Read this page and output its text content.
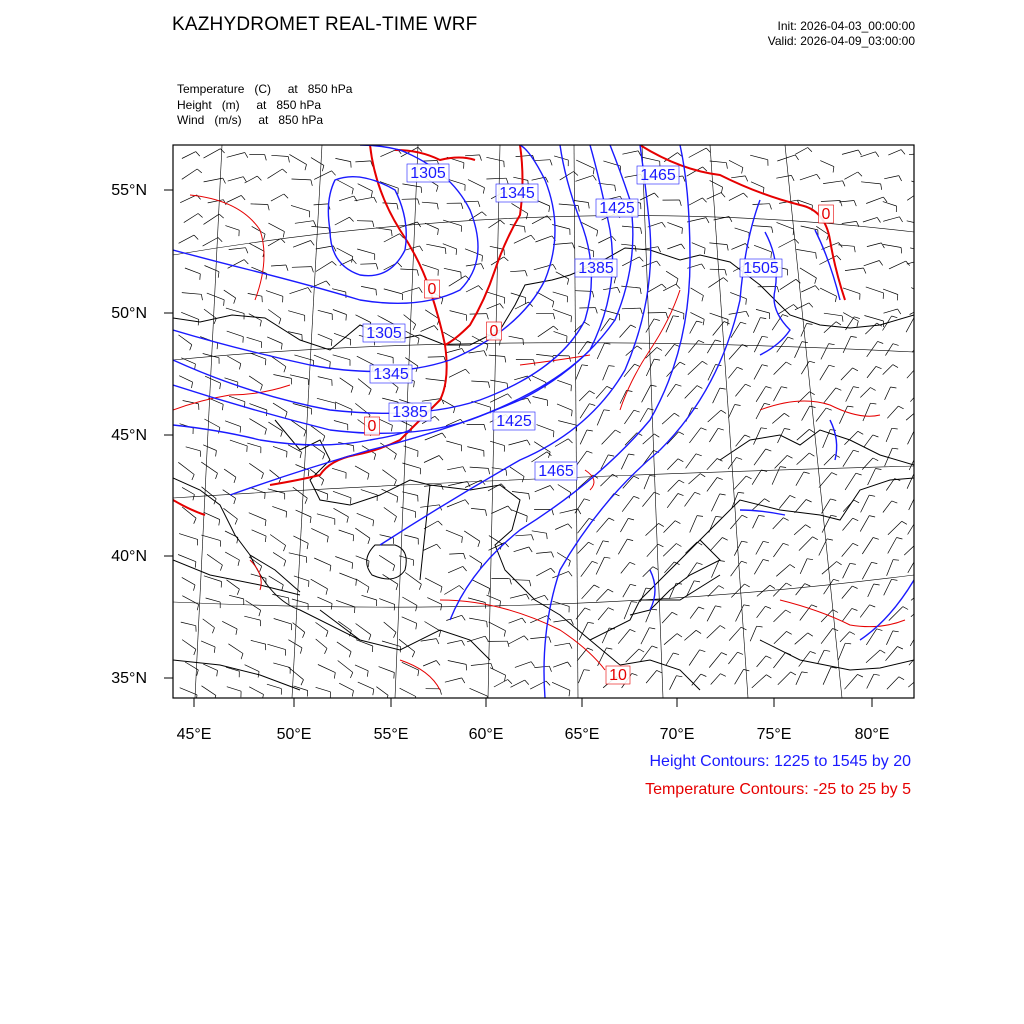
KAZHYDROMET REAL-TIME WRF	Init: 2026-04-03_00:00:00
Valid: 2026-04-09_03:00:00
Temperature   (C)     at   850 hPa
Height   (m)     at   850 hPa
Wind   (m/s)     at   850 hPa
1305
1345
1425
1465
1505
1385
1305
1345
1385
1425
1465
0
0
0
0
10
55°N
50°N
45°N
40°N
35°N
45°E	50°E	55°E	60°E	65°E	70°E	75°E	80°E
Height Contours: 1225 to 1545 by 20
Temperature Contours: -25 to 25 by 5
